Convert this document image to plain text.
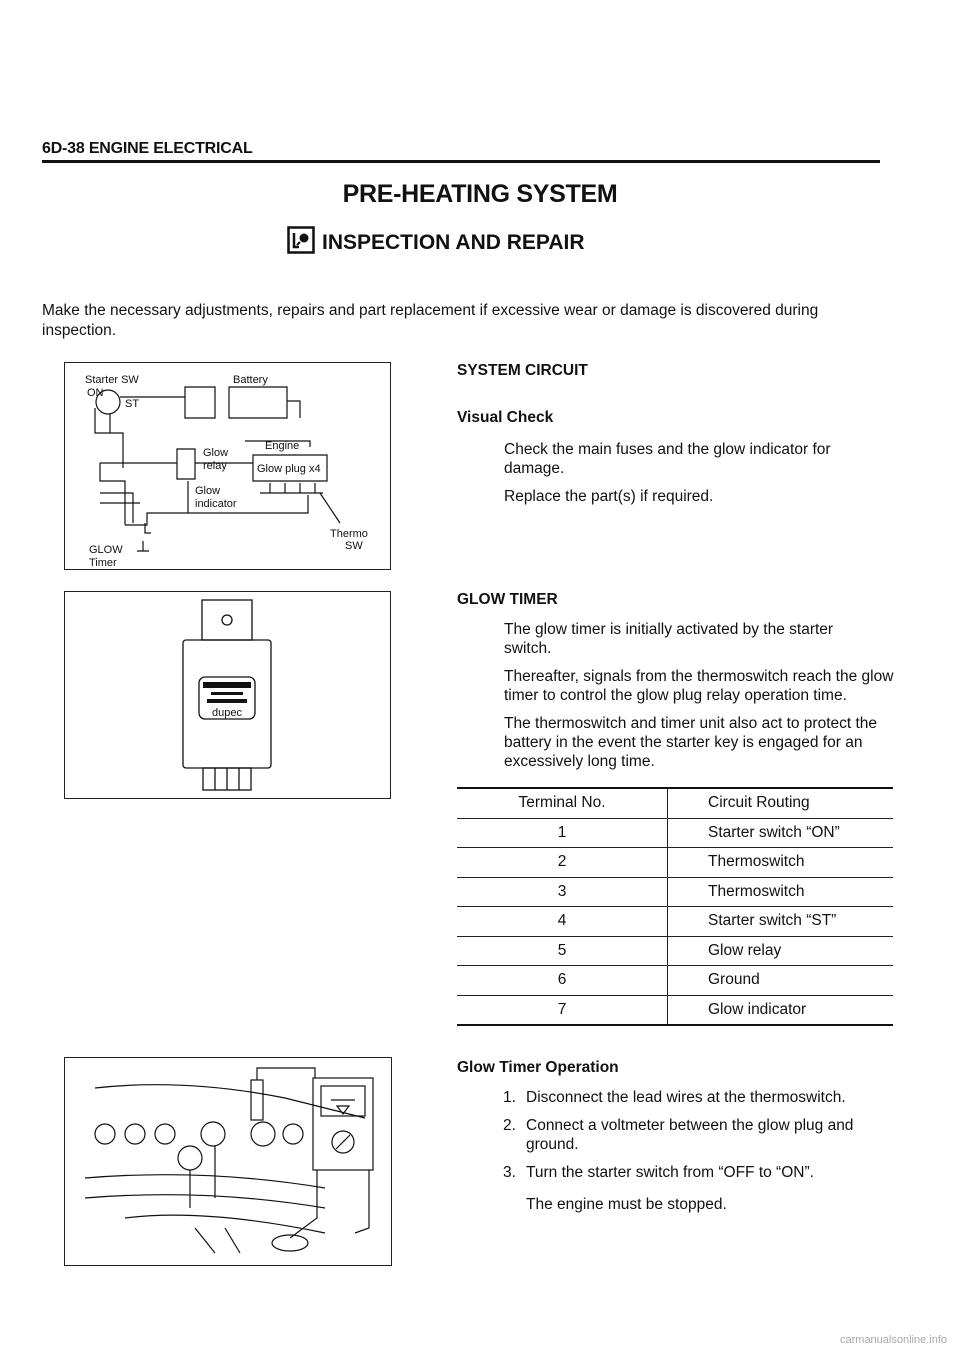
6D-38 ENGINE ELECTRICAL
PRE-HEATING SYSTEM
INSPECTION AND REPAIR
Make the necessary adjustments, repairs and part replacement if excessive wear or damage is discovered during inspection.
Starter SW
ON
ST
Battery
Engine
Glow
relay	Glow plug x4
Glow
indicator
Thermo
SW
GLOW
Timer
dupec
SYSTEM CIRCUIT
Visual Check
Check the main fuses and the glow indicator for damage.
Replace the part(s) if required.
GLOW TIMER
The glow timer is initially activated by the starter switch.
Thereafter, signals from the thermoswitch reach the glow timer to control the glow plug relay operation time.
The thermoswitch and timer unit also act to protect the battery in the event the starter key is engaged for an excessively long time.
Terminal No.	Circuit Routing
1	Starter switch “ON”
2	Thermoswitch
3	Thermoswitch
4	Starter switch “ST”
5	Glow relay
6	Ground
7	Glow indicator
Glow Timer Operation
1. Disconnect the lead wires at the thermoswitch.
2. Connect a voltmeter between the glow plug and ground.
3. Turn the starter switch from “OFF to “ON”.
The engine must be stopped.
carmanualsonline.info
